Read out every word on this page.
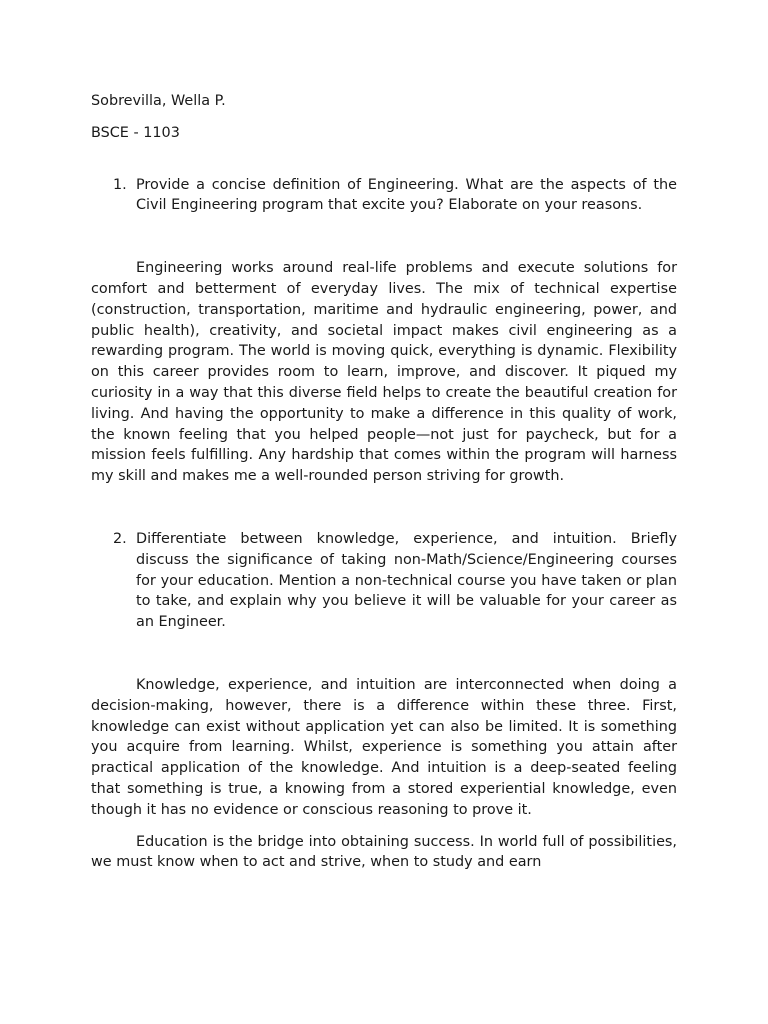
Sobrevilla, Wella P.

BSCE - 1103

1. Provide a concise definition of Engineering. What are the aspects of the Civil Engineering program that excite you? Elaborate on your reasons.

Engineering works around real-life problems and execute solutions for comfort and betterment of everyday lives. The mix of technical expertise (construction, transportation, maritime and hydraulic engineering, power, and public health), creativity, and societal impact makes civil engineering as a rewarding program. The world is moving quick, everything is dynamic. Flexibility on this career provides room to learn, improve, and discover. It piqued my curiosity in a way that this diverse field helps to create the beautiful creation for living. And having the opportunity to make a difference in this quality of work, the known feeling that you helped people—not just for paycheck, but for a mission feels fulfilling. Any hardship that comes within the program will harness my skill and makes me a well-rounded person striving for growth.

2. Differentiate between knowledge, experience, and intuition. Briefly discuss the significance of taking non-Math/Science/Engineering courses for your education. Mention a non-technical course you have taken or plan to take, and explain why you believe it will be valuable for your career as an Engineer.

Knowledge, experience, and intuition are interconnected when doing a decision-making, however, there is a difference within these three. First, knowledge can exist without application yet can also be limited. It is something you acquire from learning. Whilst, experience is something you attain after practical application of the knowledge. And intuition is a deep-seated feeling that something is true, a knowing from a stored experiential knowledge, even though it has no evidence or conscious reasoning to prove it.

Education is the bridge into obtaining success. In world full of possibilities, we must know when to act and strive, when to study and earn
